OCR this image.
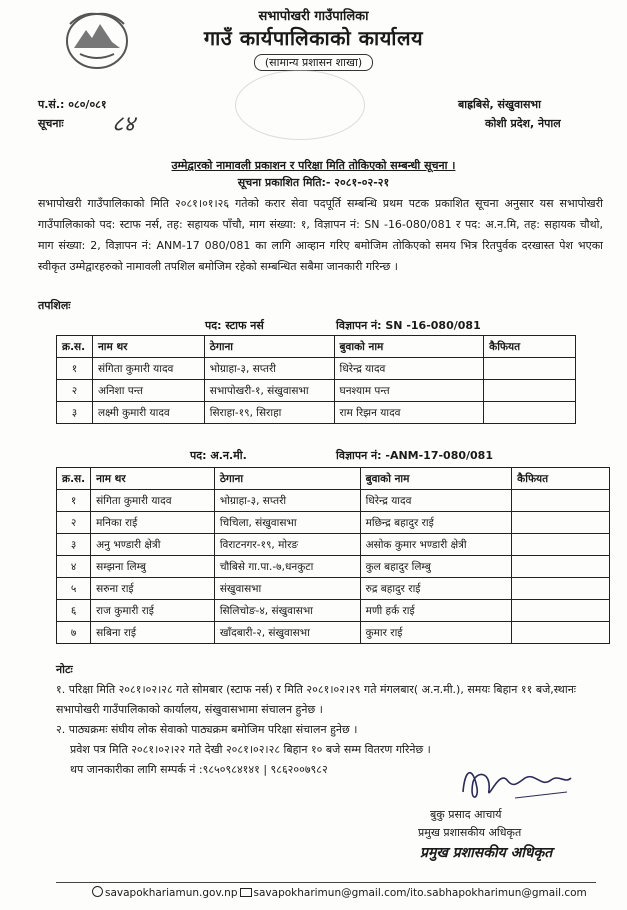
सभापोखरी गाउँपालिका
गाउँ कार्यपालिकाको कार्यालय
(सामान्य प्रशासन शाखा)
प.सं.: ०८०/०८१
सूचनाः ८४
बाह्रबिसे, संखुवासभा
कोशी प्रदेश, नेपाल
उम्मेद्वारको नामावली प्रकाशन र परिक्षा मिति तोकिएको सम्बन्धी सूचना ।
सूचना प्रकाशित मिति:- २०८१-०२-२१
सभापोखरी गाउँपालिकाको मिति २०८१।०१।२६ गतेको करार सेवा पदपूर्ति सम्बन्धि प्रथम पटक प्रकाशित सूचना अनुसार यस सभापोखरी गाउँपालिकाको पद: स्टाफ नर्स, तह: सहायक पाँचौ, माग संख्या: १, विज्ञापन नं: SN -16-080/081 र पद: अ.न.मि, तह: सहायक चौथो, माग संख्या: 2, विज्ञापन नं: ANM-17 080/081 का लागि आव्हान गरिए बमोजिम तोकिएको समय भित्र रितपुर्वक दरखास्त पेश भएका स्वीकृत उम्मेद्वारहरुको नामावली तपशिल बमोजिम रहेको सम्बन्धित सबैमा जानकारी गरिन्छ ।
तपशिलः
पद: स्टाफ नर्स	विज्ञापन नं: SN -16-080/081
क्र.स.	नाम थर	ठेगाना	बुवाको नाम	कैफियत
१	संगिता कुमारी यादव	भोग्राहा-३, सप्तरी	धिरेन्द्र यादव	
२	अनिशा पन्त	सभापोखरी-१, संखुवासभा	घनश्याम पन्त	
३	लक्ष्मी कुमारी यादव	सिराहा-१९, सिराहा	राम रिझन यादव	
पद: अ.न.मी.	विज्ञापन नं: -ANM-17-080/081
क्र.स.	नाम थर	ठेगाना	बुवाको नाम	कैफियत
१	संगिता कुमारी यादव	भोग्राहा-३, सप्तरी	धिरेन्द्र यादव	
२	मनिका राई	चिचिला, संखुवासभा	मछिन्द्र बहादुर राई	
३	अनु भण्डारी क्षेत्री	विराटनगर-१९, मोरङ	असोक कुमार भण्डारी क्षेत्री	
४	सम्झना लिम्बु	चौबिसे गा.पा.-७,धनकुटा	कुल बहादुर लिम्बु	
५	सरुना राई	संखुवासभा	रुद्र बहादुर राई	
६	राज कुमारी राई	सिलिचोङ-४, संखुवासभा	मणी हर्क राई	
७	सबिना राई	खाँदबारी-२, संखुवासभा	कुमार राई	
नोटः
१. परिक्षा मिति २०८१।०२।२८ गते सोमबार (स्टाफ नर्स) र मिति २०८१।०२।२९ गते मंगलबार( अ.न.मी.), समयः बिहान ११ बजे,स्थानः सभापोखरी गाउँपालिकाको कार्यालय, संखुवासभामा संचालन हुनेछ ।
२. पाठ्यक्रमः संघीय लोक सेवाको पाठ्यक्रम बमोजिम परिक्षा संचालन हुनेछ ।
प्रवेश पत्र मिति २०८१।०२।२२ गते देखी २०८१।०२।२८ बिहान १० बजे सम्म वितरण गरिनेछ ।
थप जानकारीका लागि सम्पर्क नं :९८५०९८४१४१ | ९८६२००७९८२
बुकु प्रसाद आचार्य
प्रमुख प्रशासकीय अधिकृत
प्रमुख प्रशासकीय अधिकृत
savapokhariamun.gov.np savapokharimun@gmail.com/ito.sabhapokharimun@gmail.com
